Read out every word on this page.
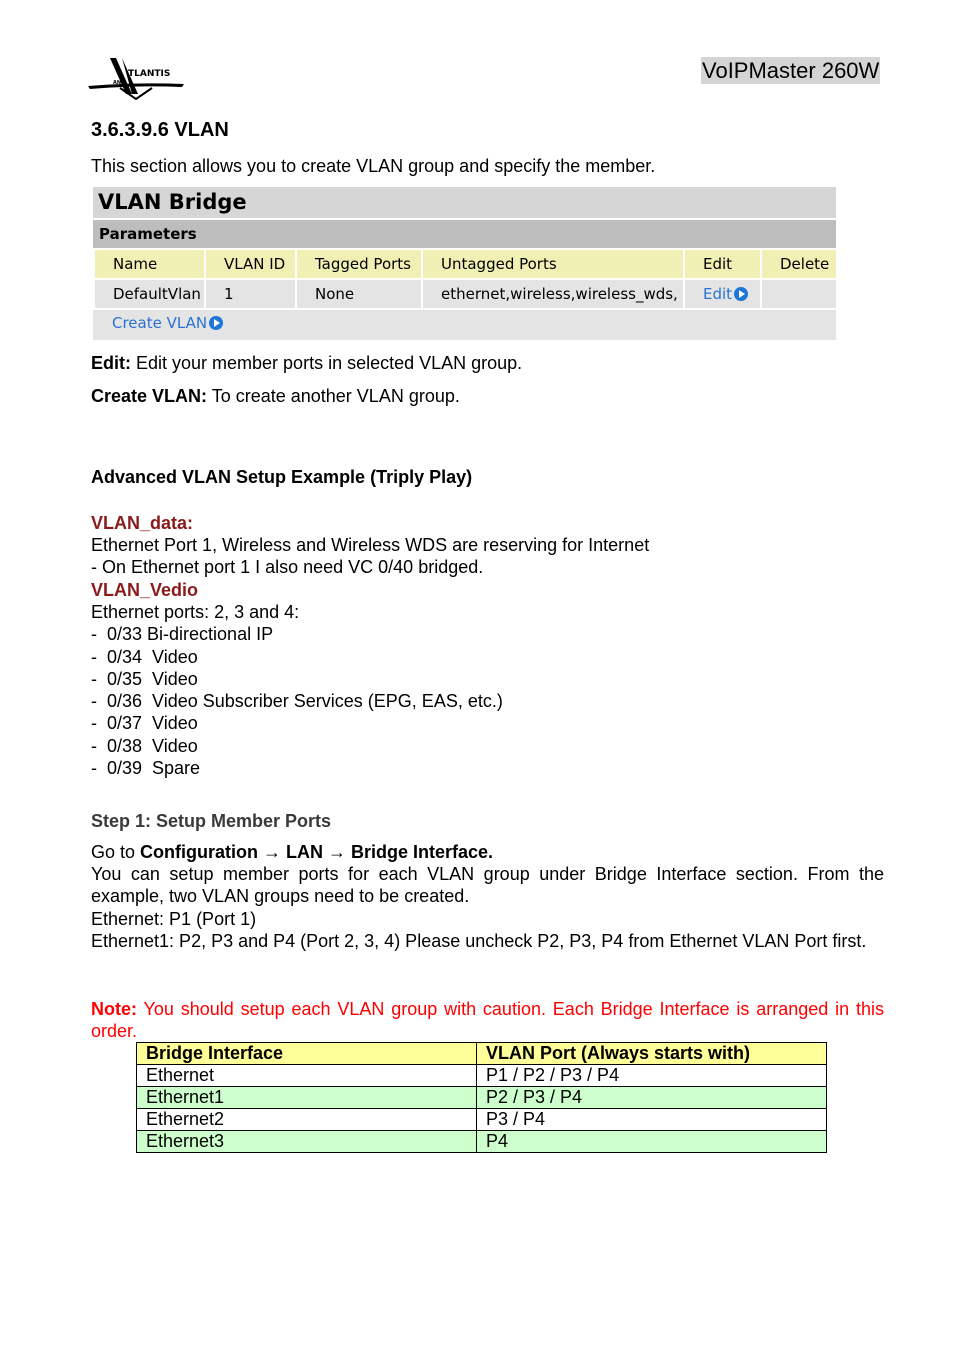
TLANTIS
AND	VoIPMaster 260W
3.6.3.9.6 VLAN
This section allows you to create VLAN group and specify the member.
VLAN Bridge
Parameters
Name	VLAN ID	Tagged Ports	Untagged Ports	Edit	Delete
DefaultVlan	1	None	ethernet,wireless,wireless_wds,	Edit
Create VLAN
Edit: Edit your member ports in selected VLAN group.
Create VLAN: To create another VLAN group.
Advanced VLAN Setup Example (Triply Play)
VLAN_data:
Ethernet Port 1, Wireless and Wireless WDS are reserving for Internet
- On Ethernet port 1 I also need VC 0/40 bridged.
VLAN_Vedio
Ethernet ports: 2, 3 and 4:
-  0/33 Bi-directional IP
-  0/34  Video
-  0/35  Video
-  0/36  Video Subscriber Services (EPG, EAS, etc.)
-  0/37  Video
-  0/38  Video
-  0/39  Spare
Step 1: Setup Member Ports
Go to Configuration → LAN → Bridge Interface.
You can setup member ports for each VLAN group under Bridge Interface section. From the example, two VLAN groups need to be created.
Ethernet: P1 (Port 1)
Ethernet1: P2, P3 and P4 (Port 2, 3, 4) Please uncheck P2, P3, P4 from Ethernet VLAN Port first.
Note: You should setup each VLAN group with caution. Each Bridge Interface is arranged in this order.
Bridge Interface	VLAN Port (Always starts with)
Ethernet	P1 / P2 / P3 / P4
Ethernet1	P2 / P3 / P4
Ethernet2	P3 / P4
Ethernet3	P4
